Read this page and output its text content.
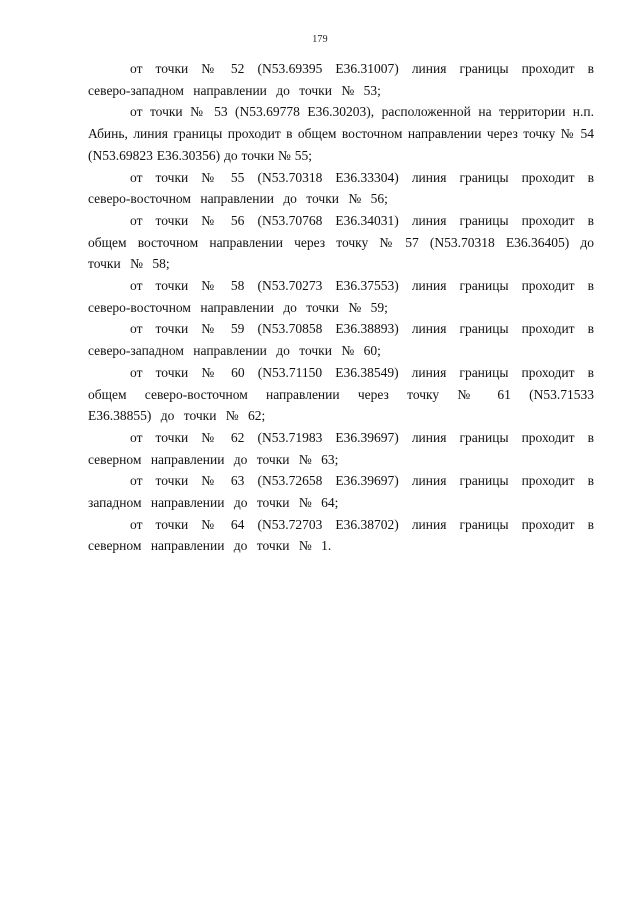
179

от точки № 52 (N53.69395 E36.31007) линия границы проходит в северо-западном направлении до точки № 53;

от точки № 53 (N53.69778 E36.30203), расположенной на территории н.п. Абинь, линия границы проходит в общем восточном направлении через точку № 54 (N53.69823 E36.30356) до точки № 55;

от точки № 55 (N53.70318 E36.33304) линия границы проходит в северо-восточном направлении до точки № 56;

от точки № 56 (N53.70768 E36.34031) линия границы проходит в общем восточном направлении через точку № 57 (N53.70318 E36.36405) до точки № 58;

от точки № 58 (N53.70273 E36.37553) линия границы проходит в северо-восточном направлении до точки № 59;

от точки № 59 (N53.70858 E36.38893) линия границы проходит в северо-западном направлении до точки № 60;

от точки № 60 (N53.71150 E36.38549) линия границы проходит в общем северо-восточном направлении через точку № 61 (N53.71533 E36.38855) до точки № 62;

от точки № 62 (N53.71983 E36.39697) линия границы проходит в северном направлении до точки № 63;

от точки № 63 (N53.72658 E36.39697) линия границы проходит в западном направлении до точки № 64;

от точки № 64 (N53.72703 E36.38702) линия границы проходит в северном направлении до точки № 1.
